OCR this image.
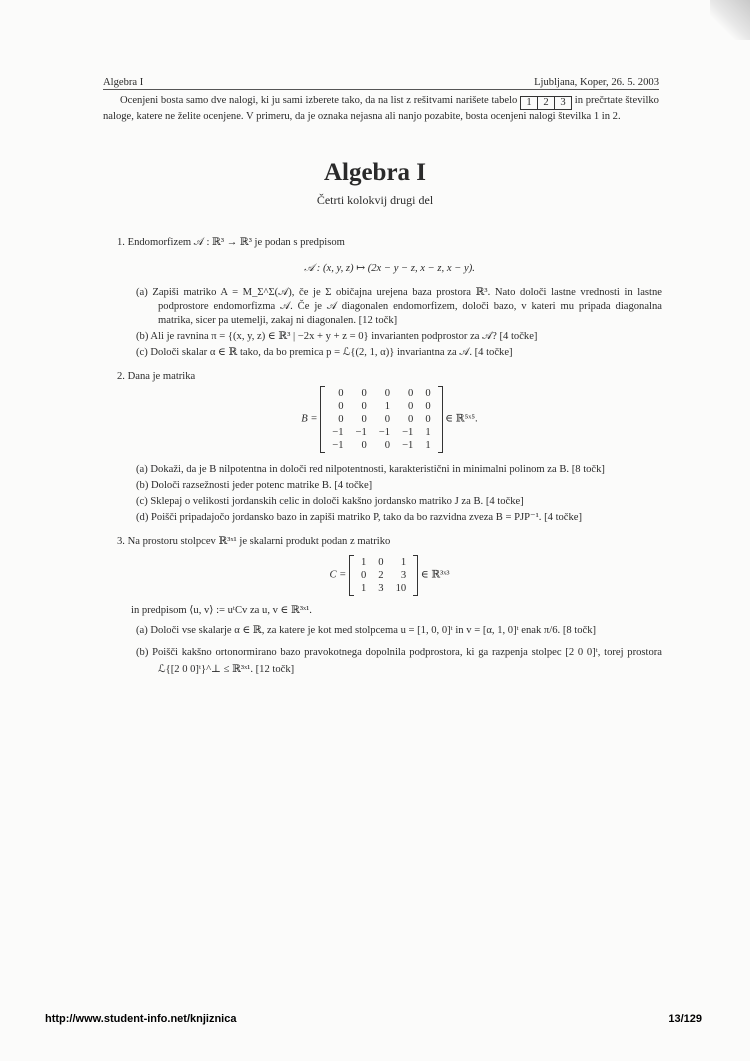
Algebra I	Ljubljana, Koper, 26. 5. 2003
Ocenjeni bosta samo dve nalogi, ki ju sami izberete tako, da na list z rešitvami narišete tabelo 1	2	3 in prečrtate številko naloge, katere ne želite ocenjene. V primeru, da je oznaka nejasna ali nanjo pozabite, bosta ocenjeni nalogi številka 1 in 2.
Algebra I
Četrti kolokvij drugi del
1. Endomorfizem 𝒜 : ℝ³ → ℝ³ je podan s predpisom
𝒜 : (x, y, z) ↦ (2x − y − z, x − z, x − y).
(a) Zapiši matriko A = M_Σ^Σ(𝒜), če je Σ običajna urejena baza prostora ℝ³. Nato določi lastne vrednosti in lastne podprostore endomorfizma 𝒜. Če je 𝒜 diagonalen endomorfizem, določi bazo, v kateri mu pripada diagonalna matrika, sicer pa utemelji, zakaj ni diagonalen. [12 točk]
(b) Ali je ravnina π = {(x, y, z) ∈ ℝ³ | −2x + y + z = 0} invarianten podprostor za 𝒜? [4 točke]
(c) Določi skalar α ∈ ℝ tako, da bo premica p = ℒ{(2, 1, α)} invariantna za 𝒜. [4 točke]
2. Dana je matrika
B =
0	0	0	0	0
0	0	1	0	0
0	0	0	0	0
−1	−1	−1	−1	1
−1	0	0	−1	1
∈ ℝ⁵ˣ⁵.
(a) Dokaži, da je B nilpotentna in določi red nilpotentnosti, karakteristični in minimalni polinom za B. [8 točk]
(b) Določi razsežnosti jeder potenc matrike B. [4 točke]
(c) Sklepaj o velikosti jordanskih celic in določi kakšno jordansko matriko J za B. [4 točke]
(d) Poišči pripadajočo jordansko bazo in zapiši matriko P, tako da bo razvidna zveza B = PJP⁻¹. [4 točke]
3. Na prostoru stolpcev ℝ³ˣ¹ je skalarni produkt podan z matriko
C =
1	0	1
0	2	3
1	3	10
∈ ℝ³ˣ³
in predpisom ⟨u, v⟩ := uᵗCv za u, v ∈ ℝ³ˣ¹.
(a) Določi vse skalarje α ∈ ℝ, za katere je kot med stolpcema u = [1, 0, 0]ᵗ in v = [α, 1, 0]ᵗ enak π/6. [8 točk]
(b) Poišči kakšno ortonormirano bazo pravokotnega dopolnila podprostora, ki ga razpenja stolpec [2 0 0]ᵗ, torej prostora ℒ{[2 0 0]ᵗ}^⊥ ≤ ℝ³ˣ¹. [12 točk]
http://www.student-info.net/knjiznica	13/129
